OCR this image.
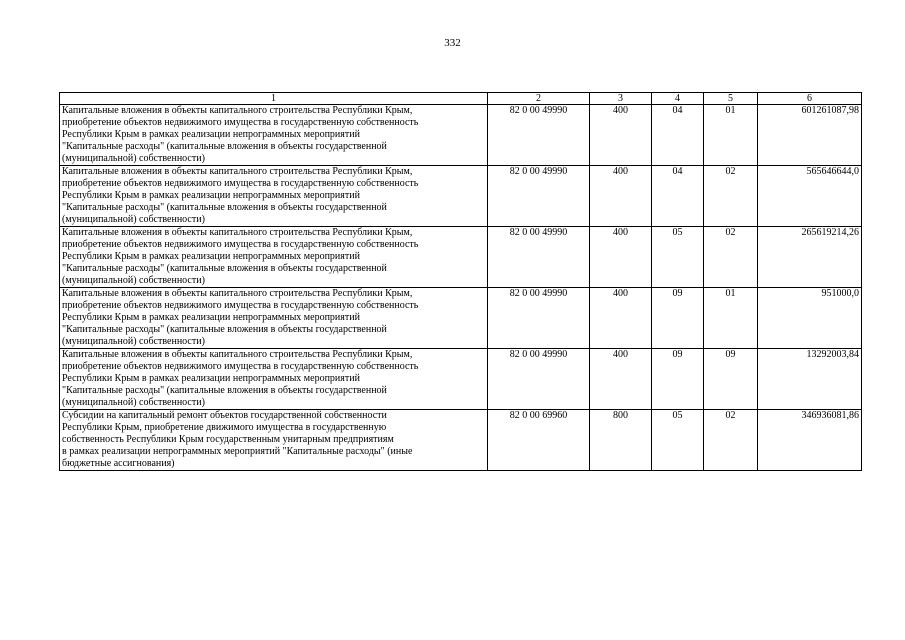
332
1	2	3	4	5	6
Капитальные вложения в объекты капитального строительства Республики Крым,
приобретение объектов недвижимого имущества в государственную собственность
Республики Крым в рамках реализации непрограммных мероприятий
"Капитальные расходы" (капитальные вложения в объекты государственной
(муниципальной) собственности)	82 0 00 49990	400	04	01	601261087,98
Капитальные вложения в объекты капитального строительства Республики Крым,
приобретение объектов недвижимого имущества в государственную собственность
Республики Крым в рамках реализации непрограммных мероприятий
"Капитальные расходы" (капитальные вложения в объекты государственной
(муниципальной) собственности)	82 0 00 49990	400	04	02	565646644,0
Капитальные вложения в объекты капитального строительства Республики Крым,
приобретение объектов недвижимого имущества в государственную собственность
Республики Крым в рамках реализации непрограммных мероприятий
"Капитальные расходы" (капитальные вложения в объекты государственной
(муниципальной) собственности)	82 0 00 49990	400	05	02	265619214,26
Капитальные вложения в объекты капитального строительства Республики Крым,
приобретение объектов недвижимого имущества в государственную собственность
Республики Крым в рамках реализации непрограммных мероприятий
"Капитальные расходы" (капитальные вложения в объекты государственной
(муниципальной) собственности)	82 0 00 49990	400	09	01	951000,0
Капитальные вложения в объекты капитального строительства Республики Крым,
приобретение объектов недвижимого имущества в государственную собственность
Республики Крым в рамках реализации непрограммных мероприятий
"Капитальные расходы" (капитальные вложения в объекты государственной
(муниципальной) собственности)	82 0 00 49990	400	09	09	13292003,84
Субсидии на капитальный ремонт объектов государственной собственности
Республики Крым, приобретение движимого имущества в государственную
собственность Республики Крым государственным унитарным предприятиям
в рамках реализации непрограммных мероприятий "Капитальные расходы" (иные
бюджетные ассигнования)	82 0 00 69960	800	05	02	346936081,86
